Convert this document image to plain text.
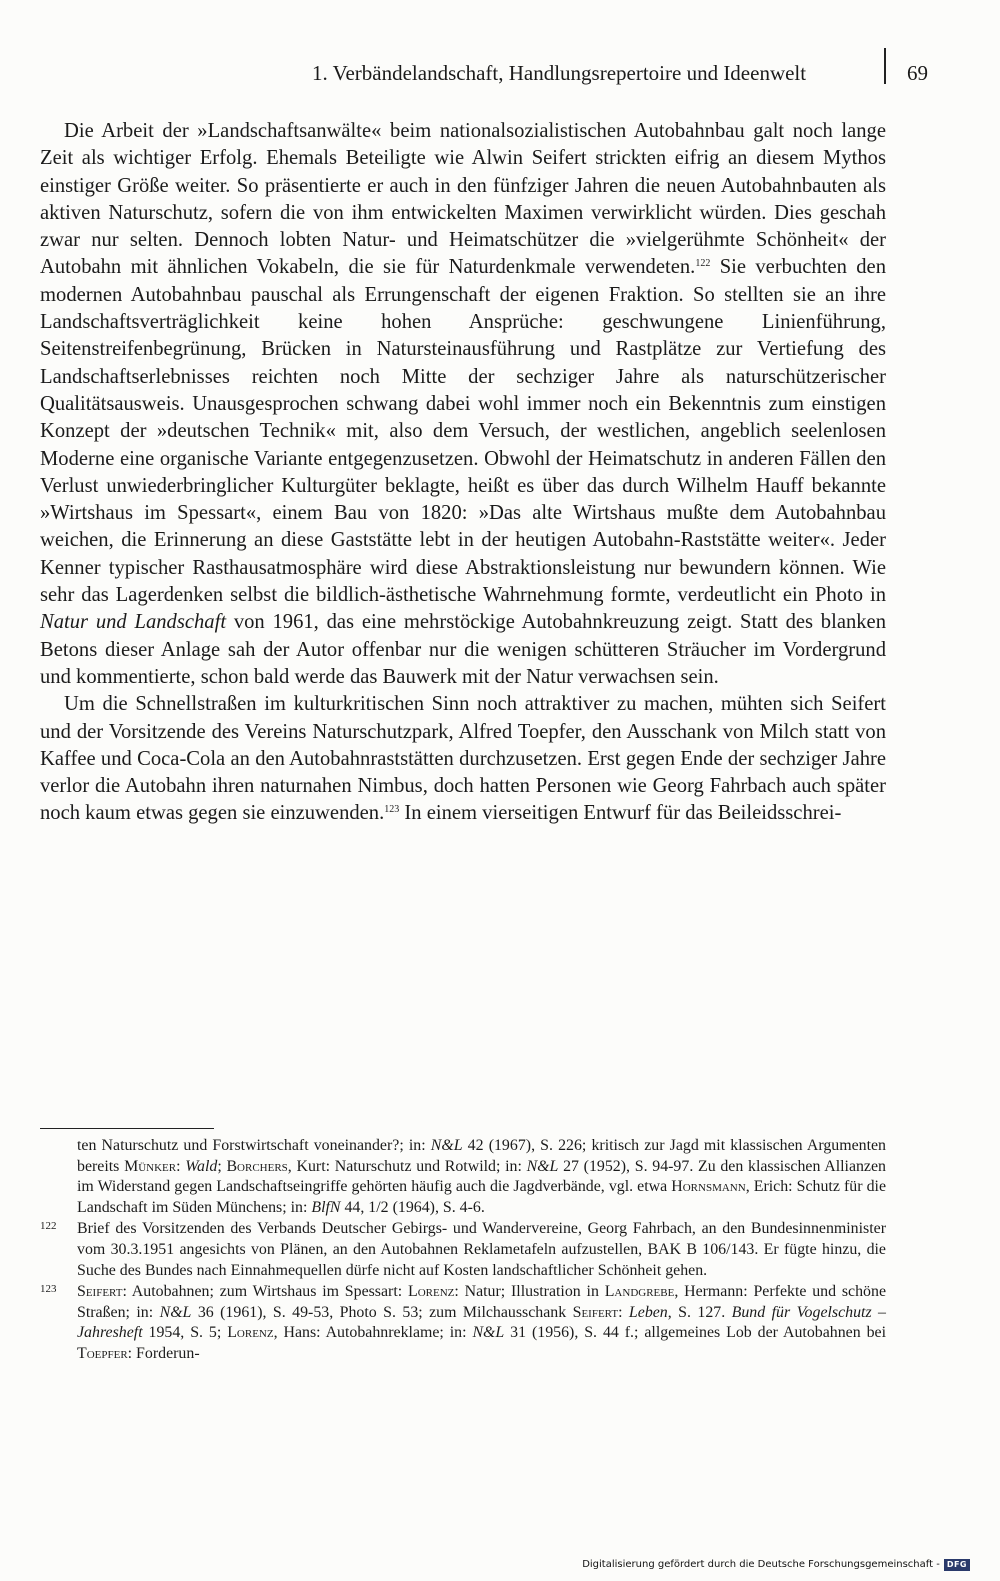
1. Verbändelandschaft, Handlungsrepertoire und Ideenwelt	69

Die Arbeit der »Landschaftsanwälte« beim nationalsozialistischen Autobahnbau galt noch lange Zeit als wichtiger Erfolg. Ehemals Beteiligte wie Alwin Seifert strickten eifrig an diesem Mythos einstiger Größe weiter. So präsentierte er auch in den fünfziger Jahren die neuen Autobahnbauten als aktiven Naturschutz, sofern die von ihm entwickelten Maximen verwirklicht würden. Dies geschah zwar nur selten. Dennoch lobten Natur- und Heimatschützer die »vielgerühmte Schönheit« der Autobahn mit ähnlichen Vokabeln, die sie für Naturdenkmale verwendeten.$^{122}$ Sie verbuchten den modernen Autobahnbau pauschal als Errungenschaft der eigenen Fraktion. So stellten sie an ihre Landschaftsverträglichkeit keine hohen Ansprüche: geschwungene Linienführung, Seitenstreifenbegrünung, Brücken in Natursteinausführung und Rastplätze zur Vertiefung des Landschaftserlebnisses reichten noch Mitte der sechziger Jahre als naturschützerischer Qualitätsausweis. Unausgesprochen schwang dabei wohl immer noch ein Bekenntnis zum einstigen Konzept der »deutschen Technik« mit, also dem Versuch, der westlichen, angeblich seelenlosen Moderne eine organische Variante entgegenzusetzen. Obwohl der Heimatschutz in anderen Fällen den Verlust unwiederbringlicher Kulturgüter beklagte, heißt es über das durch Wilhelm Hauff bekannte »Wirtshaus im Spessart«, einem Bau von 1820: »Das alte Wirtshaus mußte dem Autobahnbau weichen, die Erinnerung an diese Gaststätte lebt in der heutigen Autobahn-Raststätte weiter«. Jeder Kenner typischer Rasthausatmosphäre wird diese Abstraktionsleistung nur bewundern können. Wie sehr das Lagerdenken selbst die bildlich-ästhetische Wahrnehmung formte, verdeutlicht ein Photo in Natur und Landschaft von 1961, das eine mehrstöckige Autobahnkreuzung zeigt. Statt des blanken Betons dieser Anlage sah der Autor offenbar nur die wenigen schütteren Sträucher im Vordergrund und kommentierte, schon bald werde das Bauwerk mit der Natur verwachsen sein.

Um die Schnellstraßen im kulturkritischen Sinn noch attraktiver zu machen, mühten sich Seifert und der Vorsitzende des Vereins Naturschutzpark, Alfred Toepfer, den Ausschank von Milch statt von Kaffee und Coca-Cola an den Autobahnraststätten durchzusetzen. Erst gegen Ende der sechziger Jahre verlor die Autobahn ihren naturnahen Nimbus, doch hatten Personen wie Georg Fahrbach auch später noch kaum etwas gegen sie einzuwenden.$^{123}$ In einem vierseitigen Entwurf für das Beileidsschrei-

ten Naturschutz und Forstwirtschaft voneinander?; in: N&L 42 (1967), S. 226; kritisch zur Jagd mit klassischen Argumenten bereits Münker: Wald; Borchers, Kurt: Naturschutz und Rotwild; in: N&L 27 (1952), S. 94-97. Zu den klassischen Allianzen im Widerstand gegen Landschaftseingriffe gehörten häufig auch die Jagdverbände, vgl. etwa Hornsmann, Erich: Schutz für die Landschaft im Süden Münchens; in: BlfN 44, 1/2 (1964), S. 4-6.

122 Brief des Vorsitzenden des Verbands Deutscher Gebirgs- und Wandervereine, Georg Fahrbach, an den Bundesinnenminister vom 30.3.1951 angesichts von Plänen, an den Autobahnen Reklametafeln aufzustellen, BAK B 106/143. Er fügte hinzu, die Suche des Bundes nach Einnahmequellen dürfe nicht auf Kosten landschaftlicher Schönheit gehen.

123 Seifert: Autobahnen; zum Wirtshaus im Spessart: Lorenz: Natur; Illustration in Landgrebe, Hermann: Perfekte und schöne Straßen; in: N&L 36 (1961), S. 49-53, Photo S. 53; zum Milchausschank Seifert: Leben, S. 127. Bund für Vogelschutz – Jahresheft 1954, S. 5; Lorenz, Hans: Autobahnreklame; in: N&L 31 (1956), S. 44 f.; allgemeines Lob der Autobahnen bei Toepfer: Forderun-

Digitalisierung gefördert durch die Deutsche Forschungsgemeinschaft - DFG
